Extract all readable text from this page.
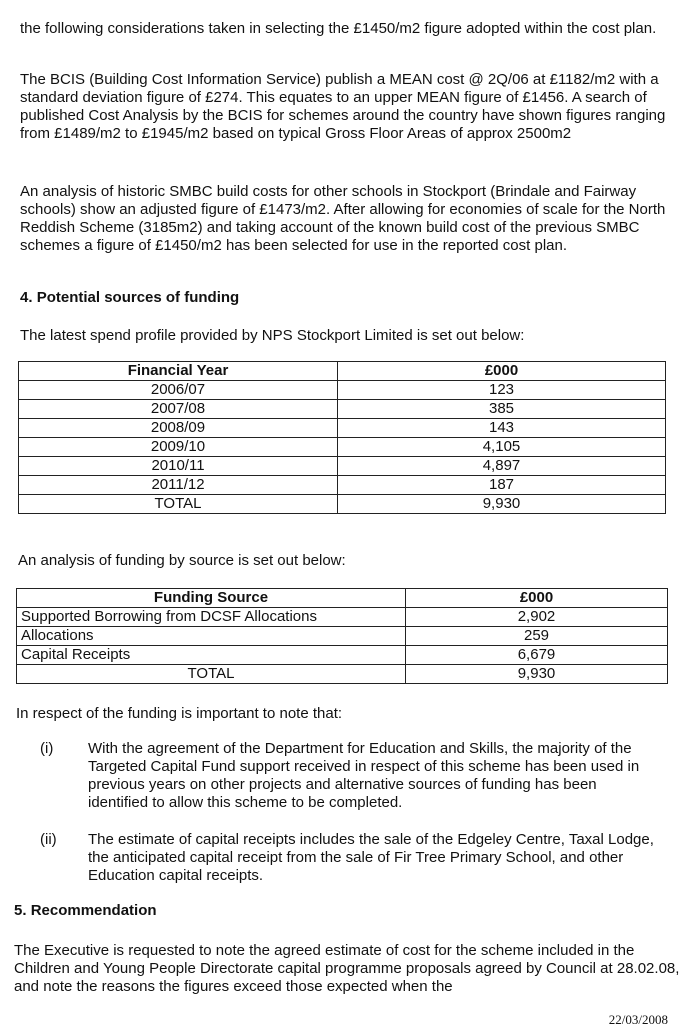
the following considerations taken in selecting the £1450/m2 figure adopted within the cost plan.

The BCIS (Building Cost Information Service) publish a MEAN cost @ 2Q/06 at £1182/m2 with a standard deviation figure of £274. This equates to an upper MEAN figure of £1456. A search of published Cost Analysis by the BCIS for schemes around the country have shown figures ranging from £1489/m2 to £1945/m2 based on typical Gross Floor Areas of approx 2500m2

An analysis of historic SMBC build costs for other schools in Stockport (Brindale and Fairway schools) show an adjusted figure of £1473/m2. After allowing for economies of scale for the North Reddish Scheme (3185m2) and taking account of the known build cost of the previous SMBC schemes a figure of £1450/m2 has been selected for use in the reported cost plan.

4. Potential sources of funding

The latest spend profile provided by NPS Stockport Limited is set out below:

Financial Year	£000
2006/07	123
2007/08	385
2008/09	143
2009/10	4,105
2010/11	4,897
2011/12	187
TOTAL	9,930

An analysis of funding by source is set out below:

Funding Source	£000
Supported Borrowing from DCSF Allocations	2,902
Allocations	259
Capital Receipts	6,679
TOTAL	9,930

In respect of the funding is important to note that:

(i) With the agreement of the Department for Education and Skills, the majority of the Targeted Capital Fund support received in respect of this scheme has been used in previous years on other projects and alternative sources of funding has been identified to allow this scheme to be completed.
(ii) The estimate of capital receipts includes the sale of the Edgeley Centre, Taxal Lodge, the anticipated capital receipt from the sale of Fir Tree Primary School, and other Education capital receipts.

5. Recommendation

The Executive is requested to note the agreed estimate of cost for the scheme included in the Children and Young People Directorate capital programme proposals agreed by Council at 28.02.08, and note the reasons the figures exceed those expected when the

22/03/2008
